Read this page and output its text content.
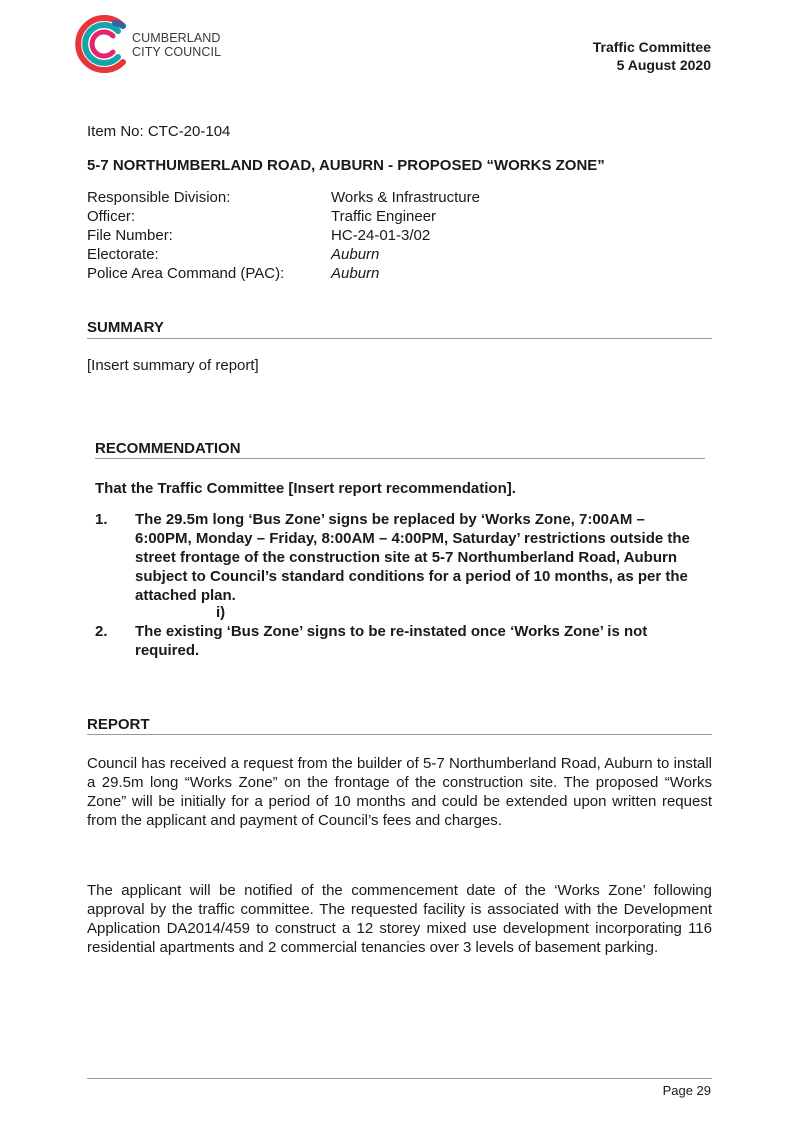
CUMBERLAND
CITY COUNCIL	Traffic Committee
5 August 2020
Item No: CTC-20-104
5-7 NORTHUMBERLAND ROAD, AUBURN - PROPOSED “WORKS ZONE”
Responsible Division:	Works & Infrastructure
Officer:	Traffic Engineer
File Number:	HC-24-01-3/02
Electorate:	Auburn
Police Area Command (PAC):	Auburn
SUMMARY
[Insert summary of report]
RECOMMENDATION
That the Traffic Committee [Insert report recommendation].
1.	The 29.5m long ‘Bus Zone’ signs be replaced by ‘Works Zone, 7:00AM – 6:00PM, Monday – Friday, 8:00AM – 4:00PM, Saturday’ restrictions outside the street frontage of the construction site at 5-7 Northumberland Road, Auburn subject to Council’s standard conditions for a period of 10 months, as per the attached plan.
i)
2.	The existing ‘Bus Zone’ signs to be re-instated once ‘Works Zone’ is not required.
REPORT
Council has received a request from the builder of 5-7 Northumberland Road, Auburn to install a 29.5m long “Works Zone” on the frontage of the construction site. The proposed “Works Zone” will be initially for a period of 10 months and could be extended upon written request from the applicant and payment of Council’s fees and charges.
The applicant will be notified of the commencement date of the ‘Works Zone’ following approval by the traffic committee. The requested facility is associated with the Development Application DA2014/459 to construct a 12 storey mixed use development incorporating 116 residential apartments and 2 commercial tenancies over 3 levels of basement parking.
Page 29
